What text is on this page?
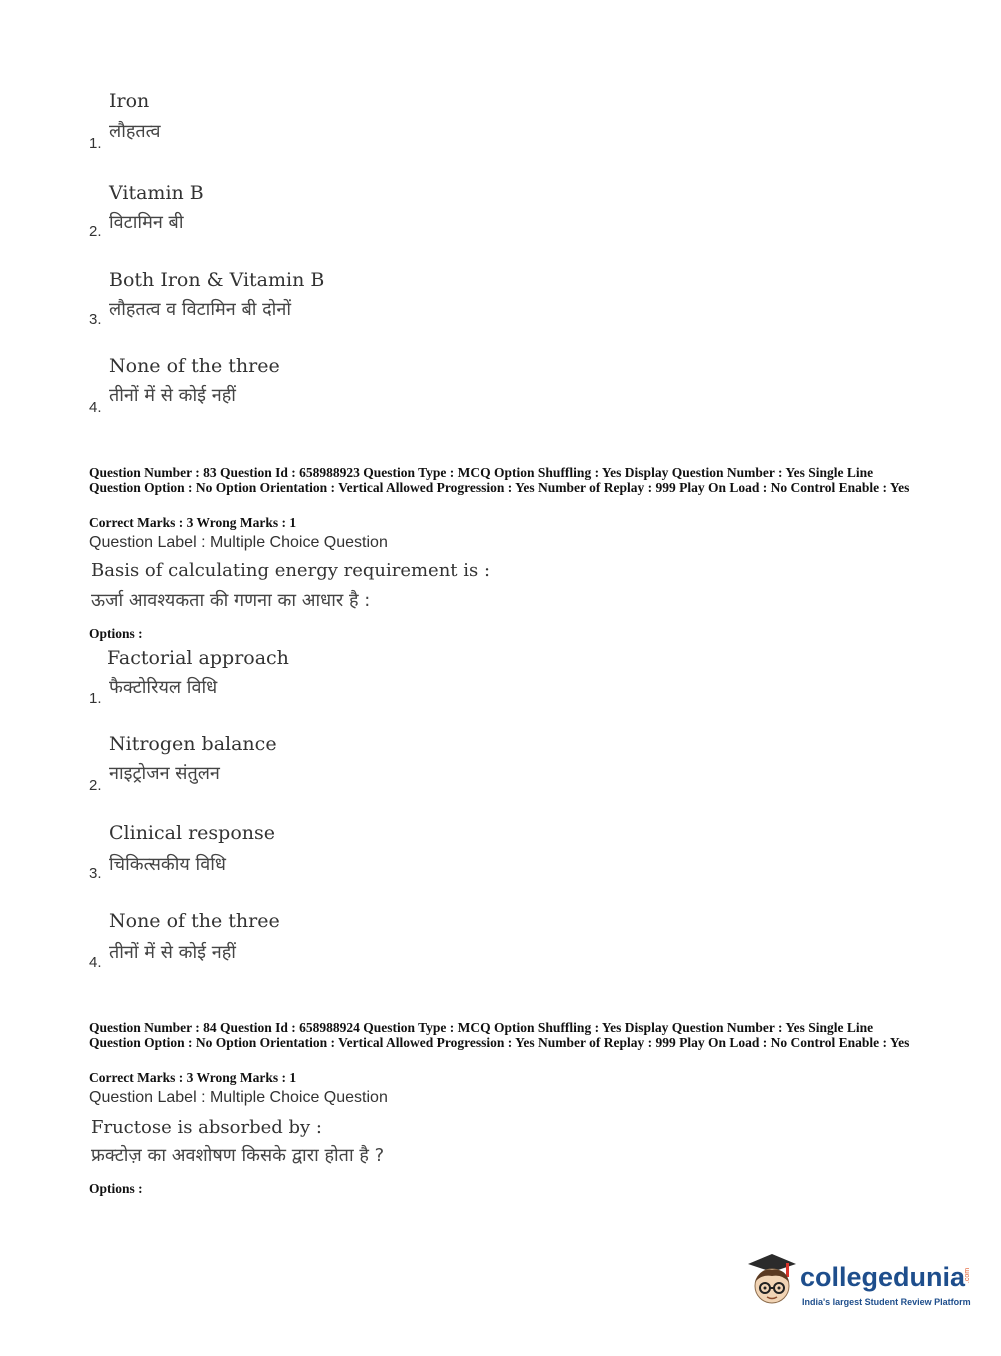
Iron
लौहतत्व
1.
Vitamin B
विटामिन बी
2.
Both Iron & Vitamin B
लौहतत्व व विटामिन बी दोनों
3.
None of the three
तीनों में से कोई नहीं
4.
Question Number : 83 Question Id : 658988923 Question Type : MCQ Option Shuffling : Yes Display Question Number : Yes Single Line Question Option : No Option Orientation : Vertical Allowed Progression : Yes Number of Replay : 999 Play On Load : No Control Enable : Yes
Correct Marks : 3 Wrong Marks : 1
Question Label : Multiple Choice Question
Basis of calculating energy requirement is :
ऊर्जा आवश्यकता की गणना का आधार है :
Options :
Factorial approach
फैक्टोरियल विधि
1.
Nitrogen balance
नाइट्रोजन संतुलन
2.
Clinical response
चिकित्सकीय विधि
3.
None of the three
तीनों में से कोई नहीं
4.
Question Number : 84 Question Id : 658988924 Question Type : MCQ Option Shuffling : Yes Display Question Number : Yes Single Line Question Option : No Option Orientation : Vertical Allowed Progression : Yes Number of Replay : 999 Play On Load : No Control Enable : Yes
Correct Marks : 3 Wrong Marks : 1
Question Label : Multiple Choice Question
Fructose is absorbed by :
फ्रक्टोज़ का अवशोषण किसके द्वारा होता है ?
Options :
collegedunia .com
India's largest Student Review Platform
